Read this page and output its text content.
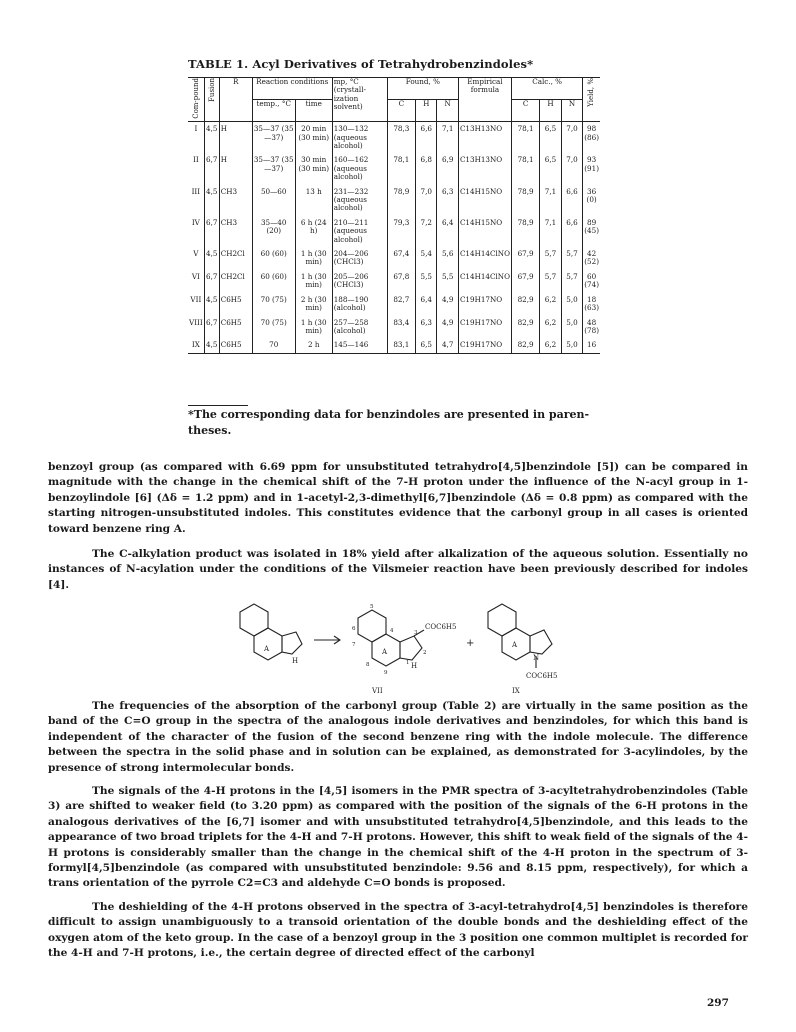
TABLE 1. Acyl Derivatives of Tetrahydrobenzindoles*
Com-pound	Fusion	R	Reaction conditions		mp, °C (crystall-ization solvent)	Found, %			Empirical formula	Calc., %			Yield, %
			temp., °C	time		C	H	N		C	H	N	
I	4,5	H	35—37 (35—37)	20 min (30 min)	130—132 (aqueous alcohol)	78,3	6,6	7,1	C13H13NO	78,1	6,5	7,0	98 (86)
II	6,7	H	35—37 (35—37)	30 min (30 min)	160—162 (aqueous alcohol)	78,1	6,8	6,9	C13H13NO	78,1	6,5	7,0	93 (91)
III	4,5	CH3	50—60	13 h	231—232 (aqueous alcohol)	78,9	7,0	6,3	C14H15NO	78,9	7,1	6,6	36 (0)
IV	6,7	CH3	35—40 (20)	6 h (24 h)	210—211 (aqueous alcohol)	79,3	7,2	6,4	C14H15NO	78,9	7,1	6,6	89 (45)
V	4,5	CH2Cl	60 (60)	1 h (30 min)	204—206 (CHCl3)	67,4	5,4	5,6	C14H14ClNO	67,9	5,7	5,7	42 (52)
VI	6,7	CH2Cl	60 (60)	1 h (30 min)	205—206 (CHCl3)	67,8	5,5	5,5	C14H14ClNO	67,9	5,7	5,7	60 (74)
VII	4,5	C6H5	70 (75)	2 h (30 min)	188—190 (alcohol)	82,7	6,4	4,9	C19H17NO	82,9	6,2	5,0	18 (63)
VIII	6,7	C6H5	70 (75)	1 h (30 min)	257—258 (alcohol)	83,4	6,3	4,9	C19H17NO	82,9	6,2	5,0	48 (78)
IX	4,5	C6H5	70	2 h	145—146	83,1	6,5	4,7	C19H17NO	82,9	6,2	5,0	16
*The corresponding data for benzindoles are presented in paren-theses.

benzoyl group (as compared with 6.69 ppm for unsubstituted tetrahydro[4,5]benzindole [5]) can be compared in magnitude with the change in the chemical shift of the 7-H proton under the influence of the N-acyl group in 1-benzoylindole [6] (Δδ = 1.2 ppm) and in 1-acetyl-2,3-dimethyl[6,7]benzindole (Δδ = 0.8 ppm) as compared with the starting nitrogen-unsubstituted indoles. This constitutes evidence that the carbonyl group in all cases is oriented toward benzene ring A.

The C-alkylation product was isolated in 18% yield after alkalization of the aqueous solution. Essentially no instances of N-acylation under the conditions of the Vilsmeier reaction have been previously described for indoles [4].

A
H
A
H
COC6H5
+	A
N
COC6H5
VII	IX
5
6	4	3
2
1
7
8
9

The frequencies of the absorption of the carbonyl group (Table 2) are virtually in the same position as the band of the C=O group in the spectra of the analogous indole derivatives and benzindoles, for which this band is independent of the character of the fusion of the second benzene ring with the indole molecule. The difference between the spectra in the solid phase and in solution can be explained, as demonstrated for 3-acylindoles, by the presence of strong intermolecular bonds.

The signals of the 4-H protons in the [4,5] isomers in the PMR spectra of 3-acyltetrahydrobenzindoles (Table 3) are shifted to weaker field (to 3.20 ppm) as compared with the position of the signals of the 6-H protons in the analogous derivatives of the [6,7] isomer and with unsubstituted tetrahydro[4,5]benzindole, and this leads to the appearance of two broad triplets for the 4-H and 7-H protons. However, this shift to weak field of the signals of the 4-H protons is considerably smaller than the change in the chemical shift of the 4-H proton in the spectrum of 3-formyl[4,5]benzindole (as compared with unsubstituted benzindole: 9.56 and 8.15 ppm, respectively), for which a trans orientation of the pyrrole C2=C3 and aldehyde C=O bonds is proposed.

The deshielding of the 4-H protons observed in the spectra of 3-acyl-tetrahydro[4,5] benzindoles is therefore difficult to assign unambiguously to a transoid orientation of the double bonds and the deshielding effect of the oxygen atom of the keto group. In the case of a benzoyl group in the 3 position one common multiplet is recorded for the 4-H and 7-H protons, i.e., the certain degree of directed effect of the carbonyl

297
